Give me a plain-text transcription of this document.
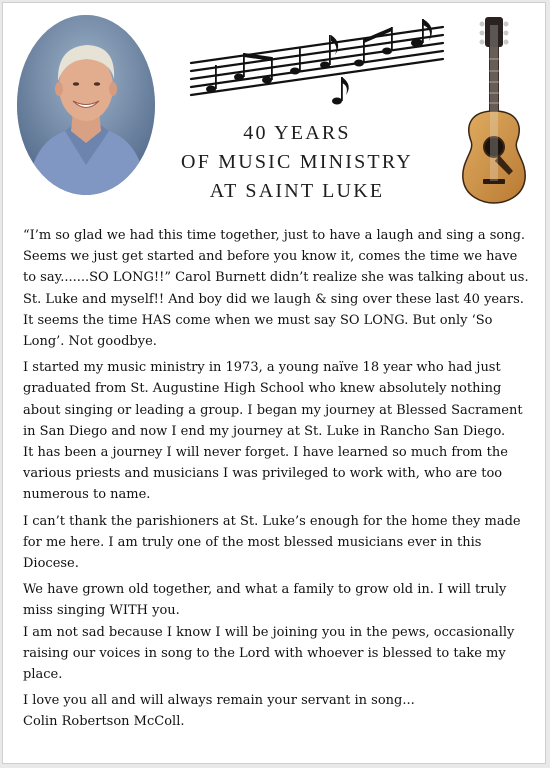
40 YEARS
OF MUSIC MINISTRY
AT SAINT LUKE

“I’m so glad we had this time together, just to have a laugh and sing a song.
Seems we just get started and before you know it, comes the time we have
to say.......SO LONG!!” Carol Burnett didn’t realize she was talking about us.
St. Luke and myself!! And boy did we laugh & sing over these last 40 years.
It seems the time HAS come when we must say SO LONG. But only ‘So
Long’. Not goodbye.

I started my music ministry in 1973, a young naïve 18 year who had just
graduated from St. Augustine High School who knew absolutely nothing
about singing or leading a group. I began my journey at Blessed Sacrament
in San Diego and now I end my journey at St. Luke in Rancho San Diego.
It has been a journey I will never forget. I have learned so much from the
various priests and musicians I was privileged to work with, who are too
numerous to name.

I can’t thank the parishioners at St. Luke’s enough for the home they made
for me here. I am truly one of the most blessed musicians ever in this
Diocese.

We have grown old together, and what a family to grow old in. I will truly
miss singing WITH you.
I am not sad because I know I will be joining you in the pews, occasionally
raising our voices in song to the Lord with whoever is blessed to take my
place.

I love you all and will always remain your servant in song...
Colin Robertson McColl.
